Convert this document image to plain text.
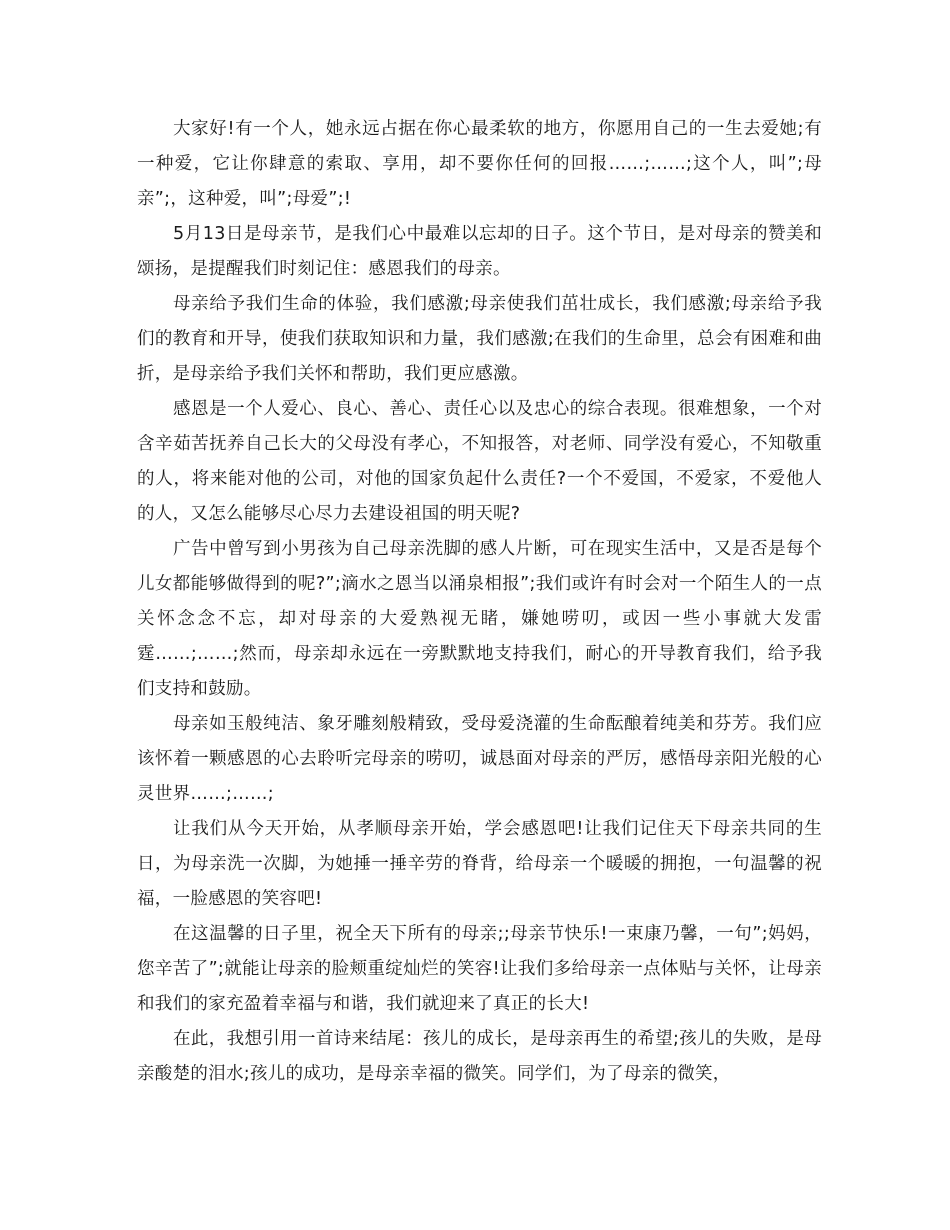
大家好!有一个人，她永远占据在你心最柔软的地方，你愿用自己的一生去爱她;有一种爱，它让你肆意的索取、享用，却不要你任何的回报……;……;这个人，叫”;母亲”;，这种爱，叫”;母爱”;!

5月13日是母亲节，是我们心中最难以忘却的日子。这个节日，是对母亲的赞美和颂扬，是提醒我们时刻记住：感恩我们的母亲。

母亲给予我们生命的体验，我们感激;母亲使我们茁壮成长，我们感激;母亲给予我们的教育和开导，使我们获取知识和力量，我们感激;在我们的生命里，总会有困难和曲折，是母亲给予我们关怀和帮助，我们更应感激。

感恩是一个人爱心、良心、善心、责任心以及忠心的综合表现。很难想象，一个对含辛茹苦抚养自己长大的父母没有孝心，不知报答，对老师、同学没有爱心，不知敬重的人，将来能对他的公司，对他的国家负起什么责任?一个不爱国，不爱家，不爱他人的人，又怎么能够尽心尽力去建设祖国的明天呢?

广告中曾写到小男孩为自己母亲洗脚的感人片断，可在现实生活中，又是否是每个儿女都能够做得到的呢?”;滴水之恩当以涌泉相报”;我们或许有时会对一个陌生人的一点关怀念念不忘，却对母亲的大爱熟视无睹，嫌她唠叨，或因一些小事就大发雷霆……;……;然而，母亲却永远在一旁默默地支持我们，耐心的开导教育我们，给予我们支持和鼓励。

母亲如玉般纯洁、象牙雕刻般精致，受母爱浇灌的生命酝酿着纯美和芬芳。我们应该怀着一颗感恩的心去聆听完母亲的唠叨，诚恳面对母亲的严厉，感悟母亲阳光般的心灵世界……;……;

让我们从今天开始，从孝顺母亲开始，学会感恩吧!让我们记住天下母亲共同的生日，为母亲洗一次脚，为她捶一捶辛劳的脊背，给母亲一个暖暖的拥抱，一句温馨的祝福，一脸感恩的笑容吧!

在这温馨的日子里，祝全天下所有的母亲;;母亲节快乐!一束康乃馨，一句”;妈妈，您辛苦了”;就能让母亲的脸颊重绽灿烂的笑容!让我们多给母亲一点体贴与关怀，让母亲和我们的家充盈着幸福与和谐，我们就迎来了真正的长大!

在此，我想引用一首诗来结尾：孩儿的成长，是母亲再生的希望;孩儿的失败，是母亲酸楚的泪水;孩儿的成功，是母亲幸福的微笑。同学们，为了母亲的微笑，
